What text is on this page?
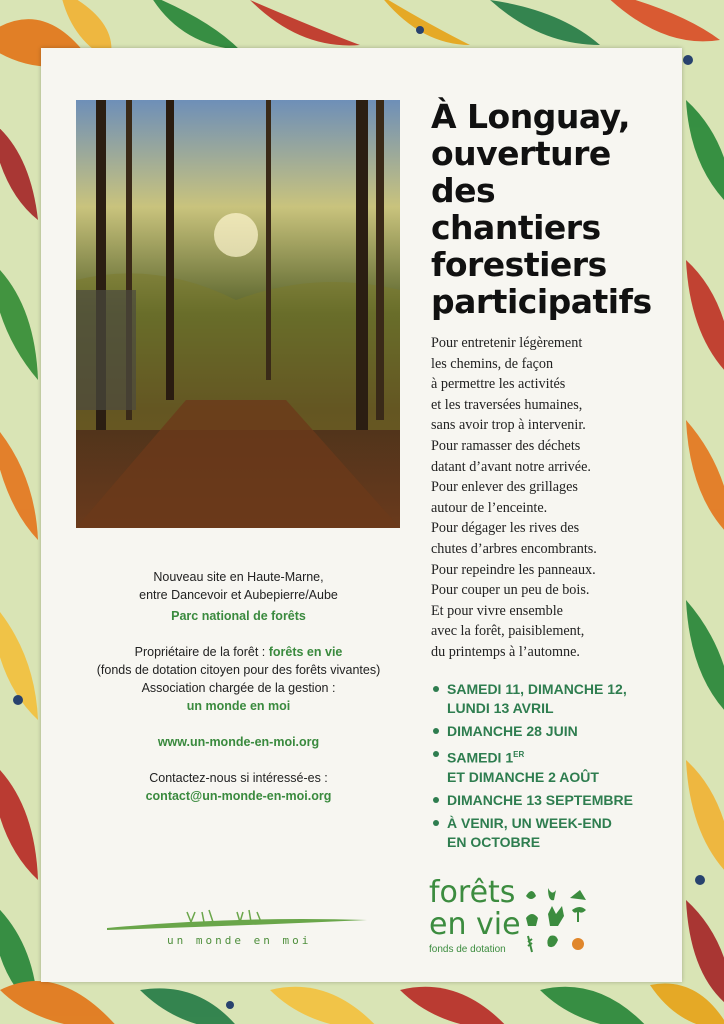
Nouveau site en Haute-Marne,

entre Dancevoir et Aubepierre/Aube

Parc national de forêts

Propriétaire de la forêt : forêts en vie

(fonds de dotation citoyen pour des forêts vivantes)

Association chargée de la gestion :

un monde en moi

www.un-monde-en-moi.org

Contactez-nous si intéressé-es :

contact@un-monde-en-moi.org

un monde en moi
À Longuay,
ouverture
des chantiers
forestiers
participatifs
Pour entretenir légèrement
les chemins, de façon
à permettre les activités
et les traversées humaines,
sans avoir trop à intervenir.
Pour ramasser des déchets
datant d’avant notre arrivée.
Pour enlever des grillages
autour de l’enceinte.
Pour dégager les rives des
chutes d’arbres encombrants.
Pour repeindre les panneaux.
Pour couper un peu de bois.
Et pour vivre ensemble
avec la forêt, paisiblement,
du printemps à l’automne.
SAMEDI 11, DIMANCHE 12,
LUNDI 13 AVRIL
DIMANCHE 28 JUIN
SAMEDI 1ER
ET DIMANCHE 2 AOÛT
DIMANCHE 13 SEPTEMBRE
À VENIR, UN WEEK-END
EN OCTOBRE
forêts
en vie
fonds de dotation
